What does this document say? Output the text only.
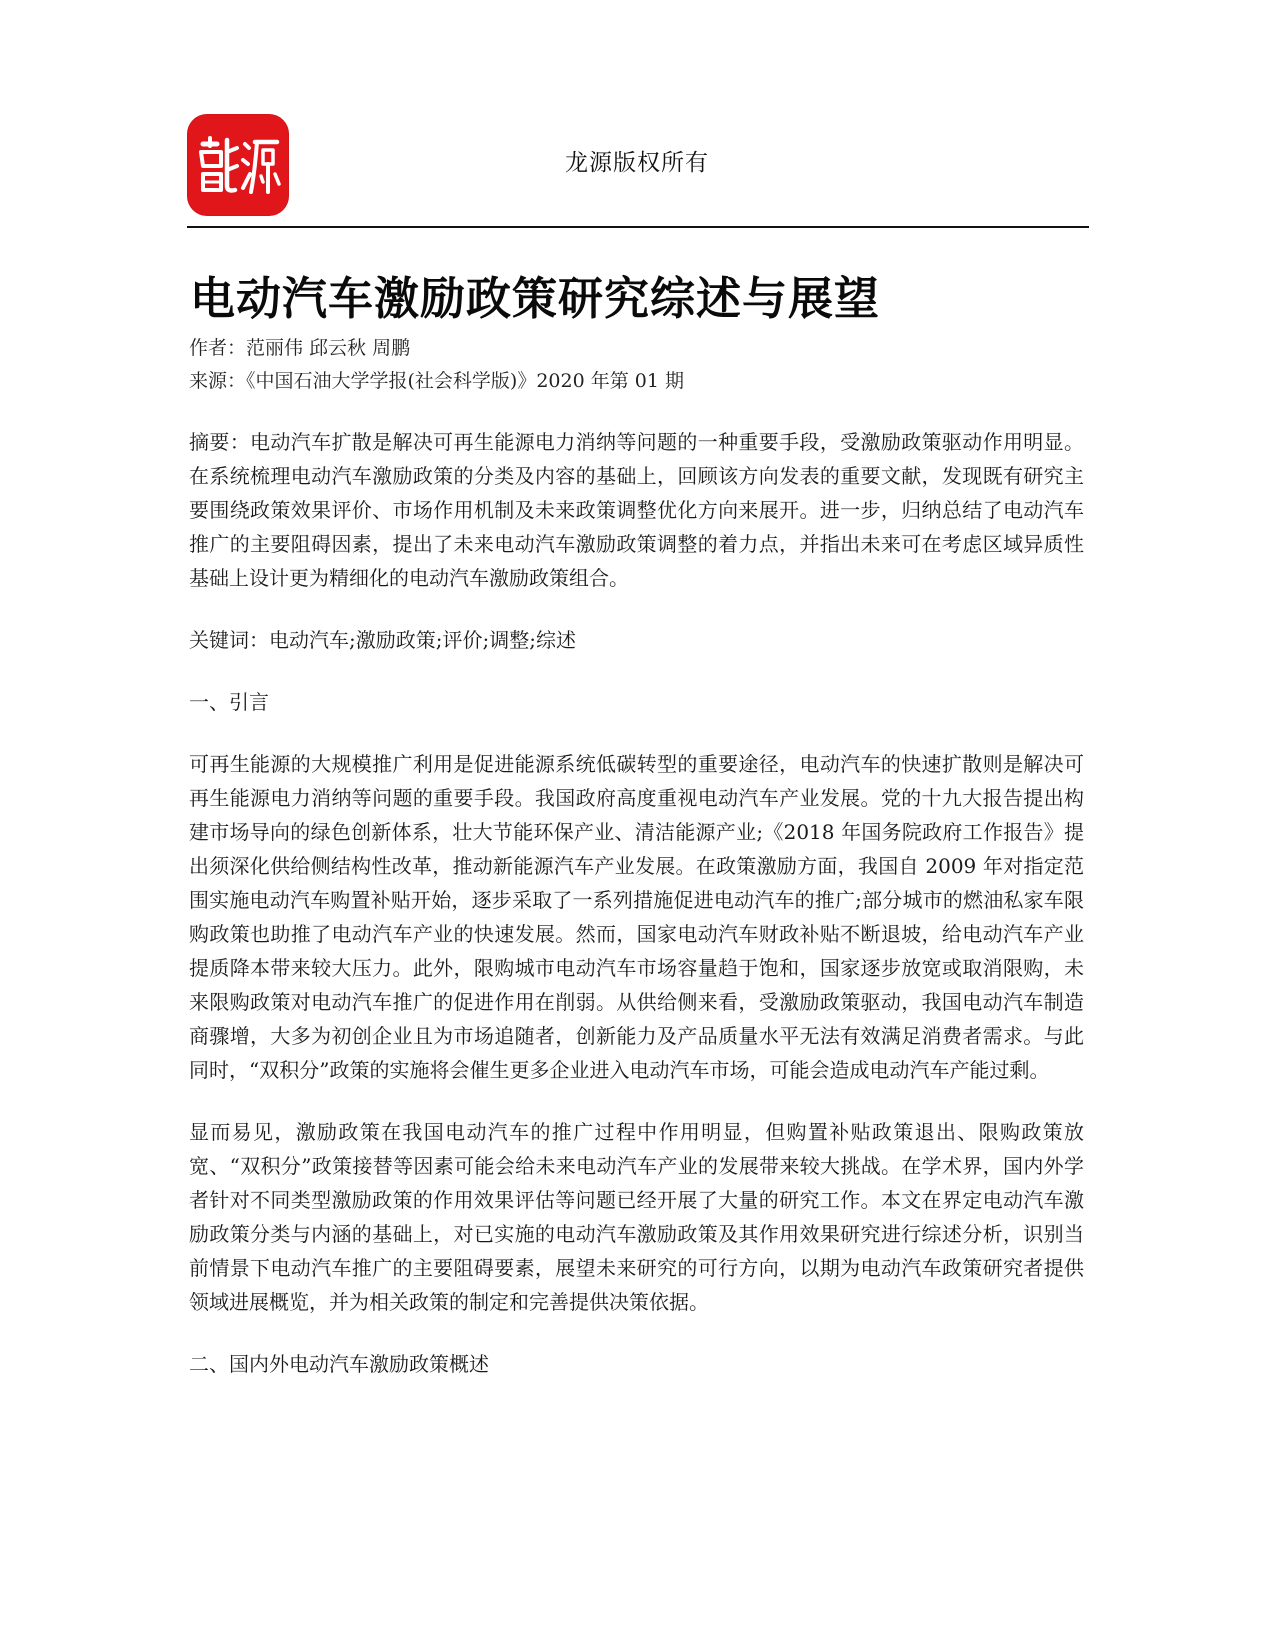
龙源版权所有
电动汽车激励政策研究综述与展望
作者：范丽伟 邱云秋 周鹏
来源：《中国石油大学学报(社会科学版)》2020 年第 01 期

摘要：电动汽车扩散是解决可再生能源电力消纳等问题的一种重要手段，受激励政策驱动作用明显。在系统梳理电动汽车激励政策的分类及内容的基础上，回顾该方向发表的重要文献，发现既有研究主要围绕政策效果评价、市场作用机制及未来政策调整优化方向来展开。进一步，归纳总结了电动汽车推广的主要阻碍因素，提出了未来电动汽车激励政策调整的着力点，并指出未来可在考虑区域异质性基础上设计更为精细化的电动汽车激励政策组合。

关键词：电动汽车;激励政策;评价;调整;综述

一、引言

可再生能源的大规模推广利用是促进能源系统低碳转型的重要途径，电动汽车的快速扩散则是解决可再生能源电力消纳等问题的重要手段。我国政府高度重视电动汽车产业发展。党的十九大报告提出构建市场导向的绿色创新体系，壮大节能环保产业、清洁能源产业;《2018 年国务院政府工作报告》提出须深化供给侧结构性改革，推动新能源汽车产业发展。在政策激励方面，我国自 2009 年对指定范围实施电动汽车购置补贴开始，逐步采取了一系列措施促进电动汽车的推广;部分城市的燃油私家车限购政策也助推了电动汽车产业的快速发展。然而，国家电动汽车财政补贴不断退坡，给电动汽车产业提质降本带来较大压力。此外，限购城市电动汽车市场容量趋于饱和，国家逐步放宽或取消限购，未来限购政策对电动汽车推广的促进作用在削弱。从供给侧来看，受激励政策驱动，我国电动汽车制造商骤增，大多为初创企业且为市场追随者，创新能力及产品质量水平无法有效满足消费者需求。与此同时，“双积分”政策的实施将会催生更多企业进入电动汽车市场，可能会造成电动汽车产能过剩。

显而易见，激励政策在我国电动汽车的推广过程中作用明显，但购置补贴政策退出、限购政策放宽、“双积分”政策接替等因素可能会给未来电动汽车产业的发展带来较大挑战。在学术界，国内外学者针对不同类型激励政策的作用效果评估等问题已经开展了大量的研究工作。本文在界定电动汽车激励政策分类与内涵的基础上，对已实施的电动汽车激励政策及其作用效果研究进行综述分析，识别当前情景下电动汽车推广的主要阻碍要素，展望未来研究的可行方向，以期为电动汽车政策研究者提供领域进展概览，并为相关政策的制定和完善提供决策依据。

二、国内外电动汽车激励政策概述
